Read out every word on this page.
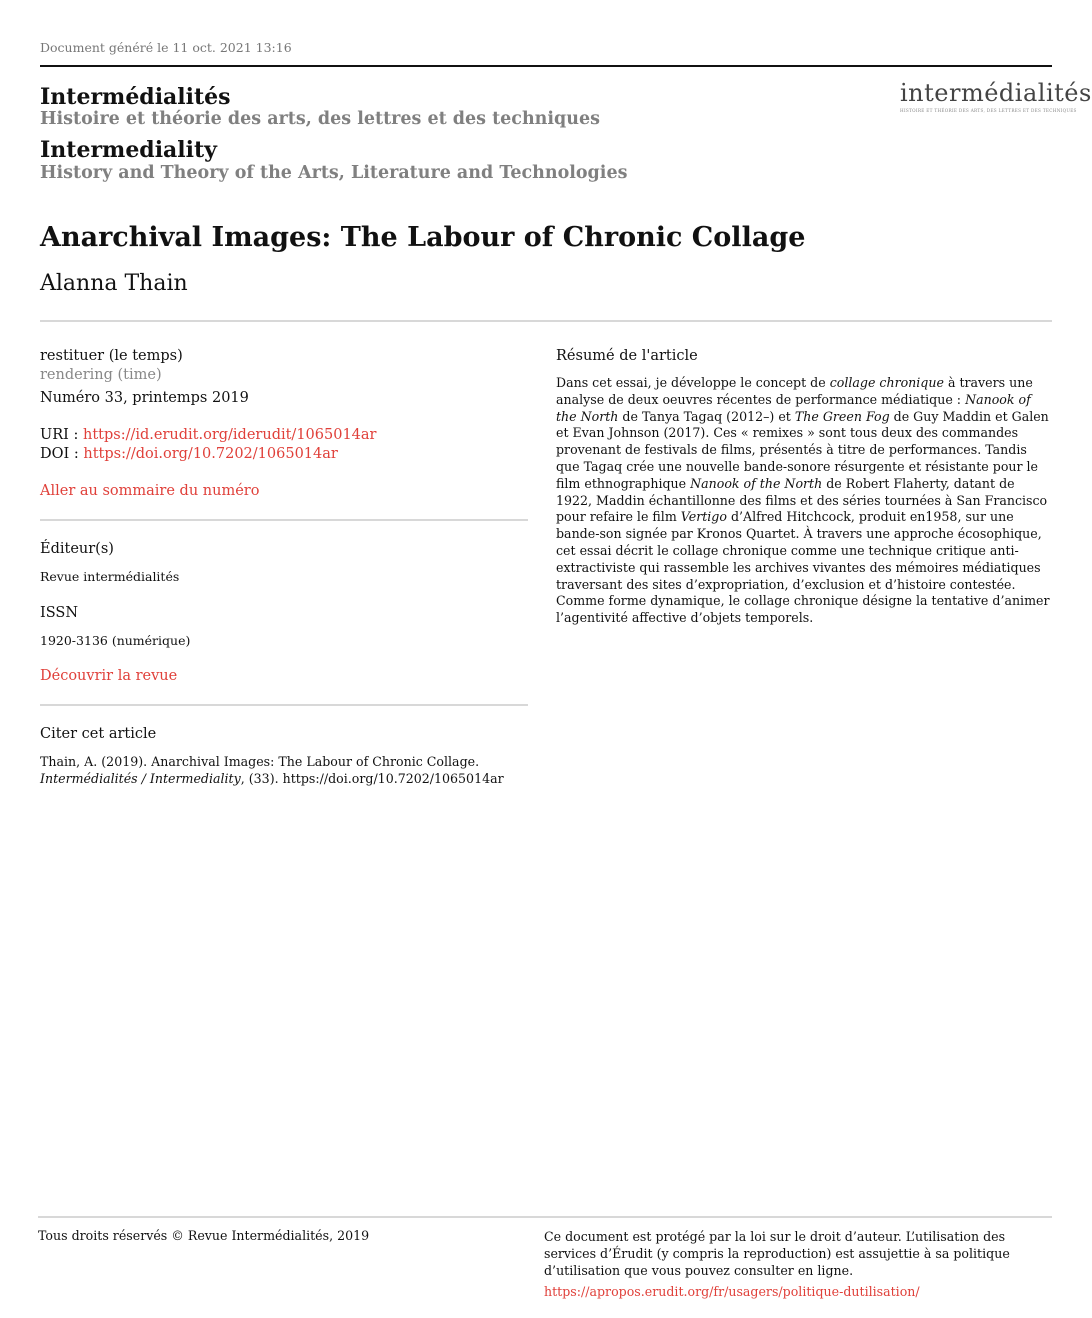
Document généré le 11 oct. 2021 13:16
Intermédialités
Histoire et théorie des arts, des lettres et des techniques
Intermediality
History and Theory of the Arts, Literature and Technologies
intermédialités
HISTOIRE ET THÉORIE DES ARTS, DES LETTRES ET DES TECHNIQUES
Anarchival Images: The Labour of Chronic Collage
Alanna Thain
restituer (le temps)
rendering (time)
Numéro 33, printemps 2019
URI : https://id.erudit.org/iderudit/1065014ar
DOI : https://doi.org/10.7202/1065014ar
Aller au sommaire du numéro
Éditeur(s)
Revue intermédialités
ISSN
1920-3136 (numérique)
Découvrir la revue
Citer cet article
Thain, A. (2019). Anarchival Images: The Labour of Chronic Collage.
Intermédialités / Intermediality, (33). https://doi.org/10.7202/1065014ar
Résumé de l'article
Dans cet essai, je développe le concept de collage chronique à travers une analyse de deux oeuvres récentes de performance médiatique : Nanook of the North de Tanya Tagaq (2012–) et The Green Fog de Guy Maddin et Galen et Evan Johnson (2017). Ces « remixes » sont tous deux des commandes provenant de festivals de films, présentés à titre de performances. Tandis que Tagaq crée une nouvelle bande-sonore résurgente et résistante pour le film ethnographique Nanook of the North de Robert Flaherty, datant de 1922, Maddin échantillonne des films et des séries tournées à San Francisco pour refaire le film Vertigo d’Alfred Hitchcock, produit en1958, sur une bande-son signée par Kronos Quartet. À travers une approche écosophique, cet essai décrit le collage chronique comme une technique critique anti-extractiviste qui rassemble les archives vivantes des mémoires médiatiques traversant des sites d’expropriation, d’exclusion et d’histoire contestée. Comme forme dynamique, le collage chronique désigne la tentative d’animer l’agentivité affective d’objets temporels.
Tous droits réservés © Revue Intermédialités, 2019	Ce document est protégé par la loi sur le droit d’auteur. L’utilisation des services d’Érudit (y compris la reproduction) est assujettie à sa politique d’utilisation que vous pouvez consulter en ligne.
https://apropos.erudit.org/fr/usagers/politique-dutilisation/
